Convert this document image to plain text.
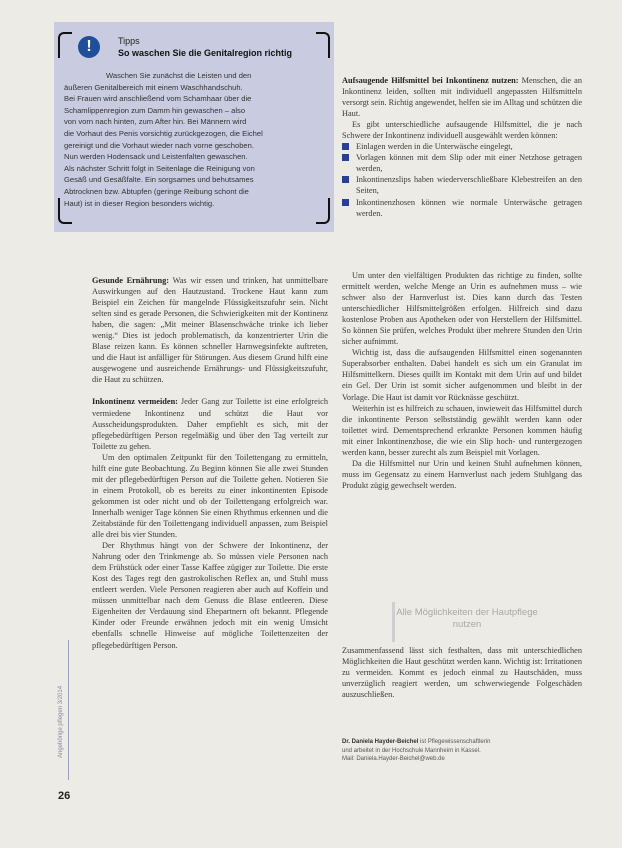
!	Tipps
So waschen Sie die Genitalregion richtig

Waschen Sie zunächst die Leisten und den

äußeren Genitalbereich mit einem Waschhandschuh.

Bei Frauen wird anschließend vom Schamhaar über die

Schamlippenregion zum Damm hin gewaschen – also

von vorn nach hinten, zum After hin. Bei Männern wird

die Vorhaut des Penis vorsichtig zurückgezogen, die Eichel

gereinigt und die Vorhaut wieder nach vorne geschoben.

Nun werden Hodensack und Leistenfalten gewaschen.

Als nächster Schritt folgt in Seitenlage die Reinigung von

Gesäß und Gesäßfalte. Ein sorgsames und behutsames

Abtrocknen bzw. Abtupfen (geringe Reibung schont die

Haut) ist in dieser Region besonders wichtig.

Aufsaugende Hilfsmittel bei Inkontinenz nutzen: Menschen, die an Inkontinenz leiden, sollten mit individuell angepassten Hilfsmitteln versorgt sein. Richtig angewendet, helfen sie im Alltag und schützen die Haut.

Es gibt unterschiedliche aufsaugende Hilfsmittel, die je nach Schwere der Inkontinenz individuell ausgewählt werden können:

Einlagen werden in die Unterwäsche eingelegt,
Vorlagen können mit dem Slip oder mit einer Netzhose getragen werden,
Inkontinenzslips haben wiederverschließbare Klebestreifen an den Seiten,
Inkontinenzhosen können wie normale Unterwäsche getragen werden.

Um unter den vielfältigen Produkten das richtige zu finden, sollte ermittelt werden, welche Menge an Urin es aufnehmen muss – wie schwer also der Harnverlust ist. Dies kann durch das Testen unterschiedlicher Hilfsmittelgrößen erfolgen. Hilfreich sind dazu kostenlose Proben aus Apotheken oder von Herstellern der Hilfsmittel. So können Sie prüfen, welches Produkt über mehrere Stunden den Urin sicher aufnimmt.

Wichtig ist, dass die aufsaugenden Hilfsmittel einen sogenannten Superabsorber enthalten. Dabei handelt es sich um ein Granulat im Hilfsmittelkern. Dieses quillt im Kontakt mit dem Urin auf und bildet ein Gel. Der Urin ist somit sicher aufgenommen und bleibt in der Vorlage. Die Haut ist damit vor Rücknässe geschützt.

Weiterhin ist es hilfreich zu schauen, inwieweit das Hilfsmittel durch die inkontinente Person selbstständig gewählt werden kann oder toilettet wird. Dementsprechend erkrankte Personen kommen häufig mit einer Inkontinenzhose, die wie ein Slip hoch- und runtergezogen werden kann, besser zurecht als zum Beispiel mit Vorlagen.

Da die Hilfsmittel nur Urin und keinen Stuhl aufnehmen können, muss im Gegensatz zu einem Harnverlust nach jedem Stuhlgang das Produkt zügig gewechselt werden.

Alle Möglichkeiten der Hautpflege nutzen

Zusammenfassend lässt sich festhalten, dass mit unterschiedlichen Möglichkeiten die Haut geschützt werden kann. Wichtig ist: Irritationen zu vermeiden. Kommt es jedoch einmal zu Hautschäden, muss unverzüglich reagiert werden, um schwerwiegende Folgeschäden auszuschließen.

Dr. Daniela Hayder-Beichel ist Pflegewissenschaftlerin
und arbeitet in der Hochschule Mannheim in Kassel.
Mail: Daniela.Hayder-Beichel@web.de

Gesunde Ernährung: Was wir essen und trinken, hat unmittelbare Auswirkungen auf den Hautzustand. Trockene Haut kann zum Beispiel ein Zeichen für mangelnde Flüssigkeitszufuhr sein. Nicht selten sind es gerade Personen, die Schwierigkeiten mit der Kontinenz haben, die sagen: „Mit meiner Blasenschwäche trinke ich lieber wenig.“ Dies ist jedoch problematisch, da konzentrierter Urin die Blase reizen kann. Es können schneller Harnwegsinfekte auftreten, und die Haut ist anfälliger für Störungen. Aus diesem Grund hilft eine ausgewogene und ausreichende Ernährungs- und Flüssigkeitszufuhr, die Haut zu schützen.

Inkontinenz vermeiden: Jeder Gang zur Toilette ist eine erfolgreich vermiedene Inkontinenz und schützt die Haut vor Ausscheidungsprodukten. Daher empfiehlt es sich, mit der pflegebedürftigen Person regelmäßig und über den Tag verteilt zur Toilette zu gehen.

Um den optimalen Zeitpunkt für den Toilettengang zu ermitteln, hilft eine gute Beobachtung. Zu Beginn können Sie alle zwei Stunden mit der pflegebedürftigen Person auf die Toilette gehen. Notieren Sie in einem Protokoll, ob es bereits zu einer inkontinenten Episode gekommen ist oder nicht und ob der Toilettengang erfolgreich war. Innerhalb weniger Tage können Sie einen Rhythmus erkennen und die Zeitabstände für den Toilettengang individuell anpassen, zum Beispiel alle drei bis vier Stunden.

Der Rhythmus hängt von der Schwere der Inkontinenz, der Nahrung oder den Trinkmenge ab. So müssen viele Personen nach dem Frühstück oder einer Tasse Kaffee zügiger zur Toilette. Die erste Kost des Tages regt den gastrokolischen Reflex an, und Stuhl muss entleert werden. Viele Personen reagieren aber auch auf Koffein und müssen unmittelbar nach dem Genuss die Blase entleeren. Diese Eigenheiten der Verdauung sind Ehepartnern oft bekannt. Pflegende Kinder oder Freunde erwähnen jedoch mit ein wenig Umsicht ebenfalls schnelle Hinweise auf mögliche Toilettenzeiten der pflegebedürftigen Person.

Angehörige pflegen 3/2014
26
